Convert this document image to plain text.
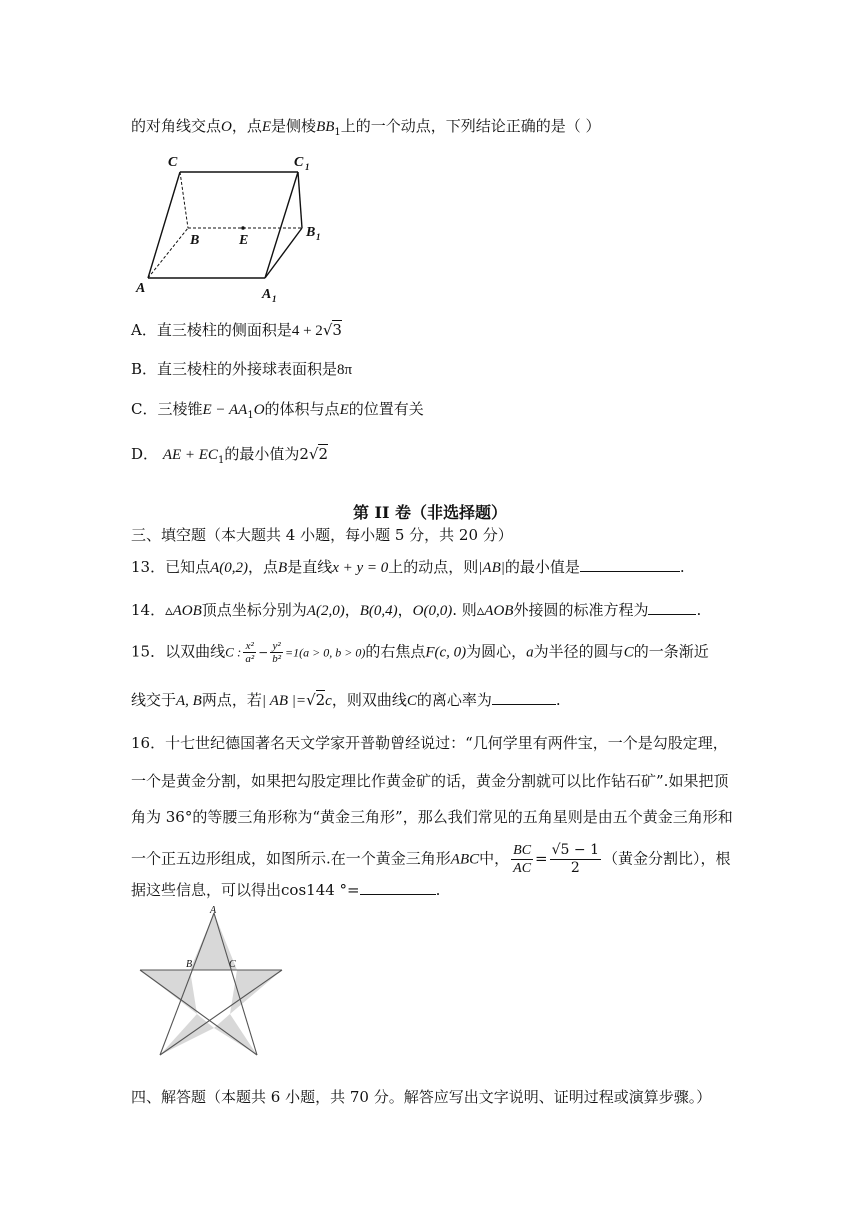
的对角线交点O，点E是侧棱$BB_1$上的一个动点，下列结论正确的是（ ）
C	C 1
B	E
B 1
A	A 1
A．直三棱柱的侧面积是4 + 2√3
B．直三棱柱的外接球表面积是8π
C．三棱锥$E - AA_1O$的体积与点E的位置有关
D． AE + $EC_1$的最小值为2√2
第 II 卷（非选择题）
三、填空题（本大题共 4 小题，每小题 5 分，共 20 分）
13．已知点A(0,2)，点B是直线x + y = 0上的动点，则|AB|的最小值是	.
14．▵AOB顶点坐标分别为A(2,0)，B(0,4)，O(0,0). 则▵AOB外接圆的标准方程为	.
15．以双曲线C : $\frac{\text{x²}}{\text{a²}} - \frac{\text{y²}}{\text{b²}} =1(a > 0$, b > 0)的右焦点F(c, 0)为圆心，a为半径的圆与C的一条渐近
线交于A, B两点，若| AB |=√2c，则双曲线C的离心率为	.
16．十七世纪德国著名天文学家开普勒曾经说过：“几何学里有两件宝，一个是勾股定理，
一个是黄金分割，如果把勾股定理比作黄金矿的话，黄金分割就可以比作钻石矿”.如果把顶
角为 36°的等腰三角形称为“黄金三角形”，那么我们常见的五角星则是由五个黄金三角形和
一个正五边形组成，如图所示.在一个黄金三角形ABC中， $\frac{BC}{AC} = \frac{√5 - 1}{2}$ （黄金分割比），根
据这些信息，可以得出cos144 °=	.
A
B	C
四、解答题（本题共 6 小题，共 70 分。解答应写出文字说明、证明过程或演算步骤。）
